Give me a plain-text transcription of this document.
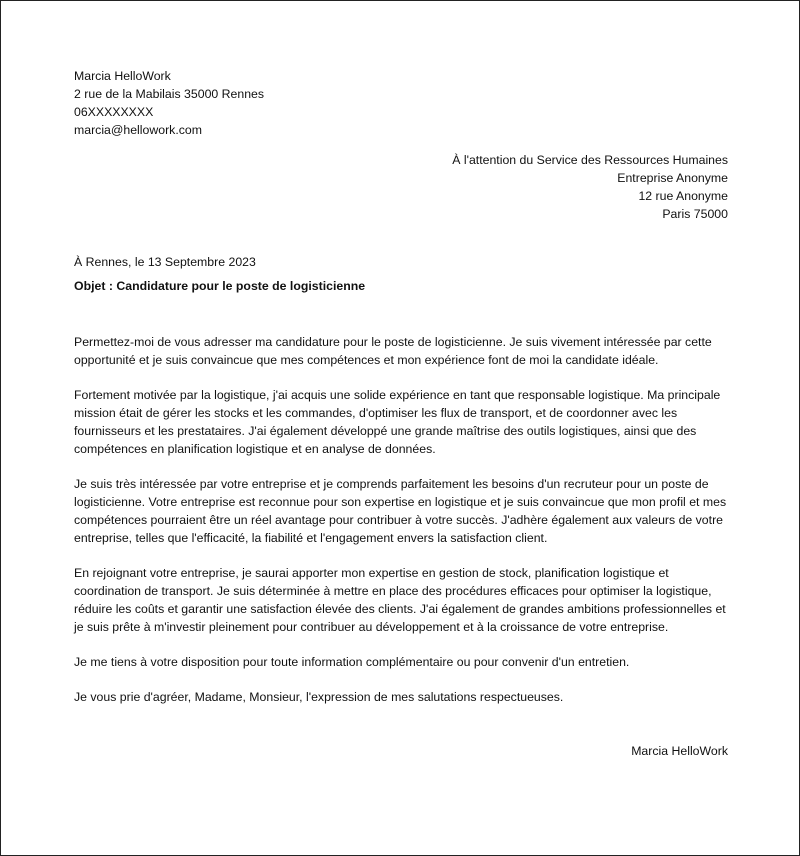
Marcia HelloWork

2 rue de la Mabilais 35000 Rennes

06XXXXXXXX

marcia@hellowork.com

À l'attention du Service des Ressources Humaines

Entreprise Anonyme

12 rue Anonyme

Paris 75000

À Rennes, le 13 Septembre 2023

Objet : Candidature pour le poste de logisticienne

Permettez-moi de vous adresser ma candidature pour le poste de logisticienne. Je suis vivement intéressée par cette opportunité et je suis convaincue que mes compétences et mon expérience font de moi la candidate idéale.

Fortement motivée par la logistique, j'ai acquis une solide expérience en tant que responsable logistique. Ma principale mission était de gérer les stocks et les commandes, d'optimiser les flux de transport, et de coordonner avec les fournisseurs et les prestataires. J'ai également développé une grande maîtrise des outils logistiques, ainsi que des compétences en planification logistique et en analyse de données.

Je suis très intéressée par votre entreprise et je comprends parfaitement les besoins d'un recruteur pour un poste de logisticienne. Votre entreprise est reconnue pour son expertise en logistique et je suis convaincue que mon profil et mes compétences pourraient être un réel avantage pour contribuer à votre succès. J'adhère également aux valeurs de votre entreprise, telles que l'efficacité, la fiabilité et l'engagement envers la satisfaction client.

En rejoignant votre entreprise, je saurai apporter mon expertise en gestion de stock, planification logistique et coordination de transport. Je suis déterminée à mettre en place des procédures efficaces pour optimiser la logistique, réduire les coûts et garantir une satisfaction élevée des clients. J'ai également de grandes ambitions professionnelles et je suis prête à m'investir pleinement pour contribuer au développement et à la croissance de votre entreprise.

Je me tiens à votre disposition pour toute information complémentaire ou pour convenir d'un entretien.

Je vous prie d'agréer, Madame, Monsieur, l'expression de mes salutations respectueuses.

Marcia HelloWork
